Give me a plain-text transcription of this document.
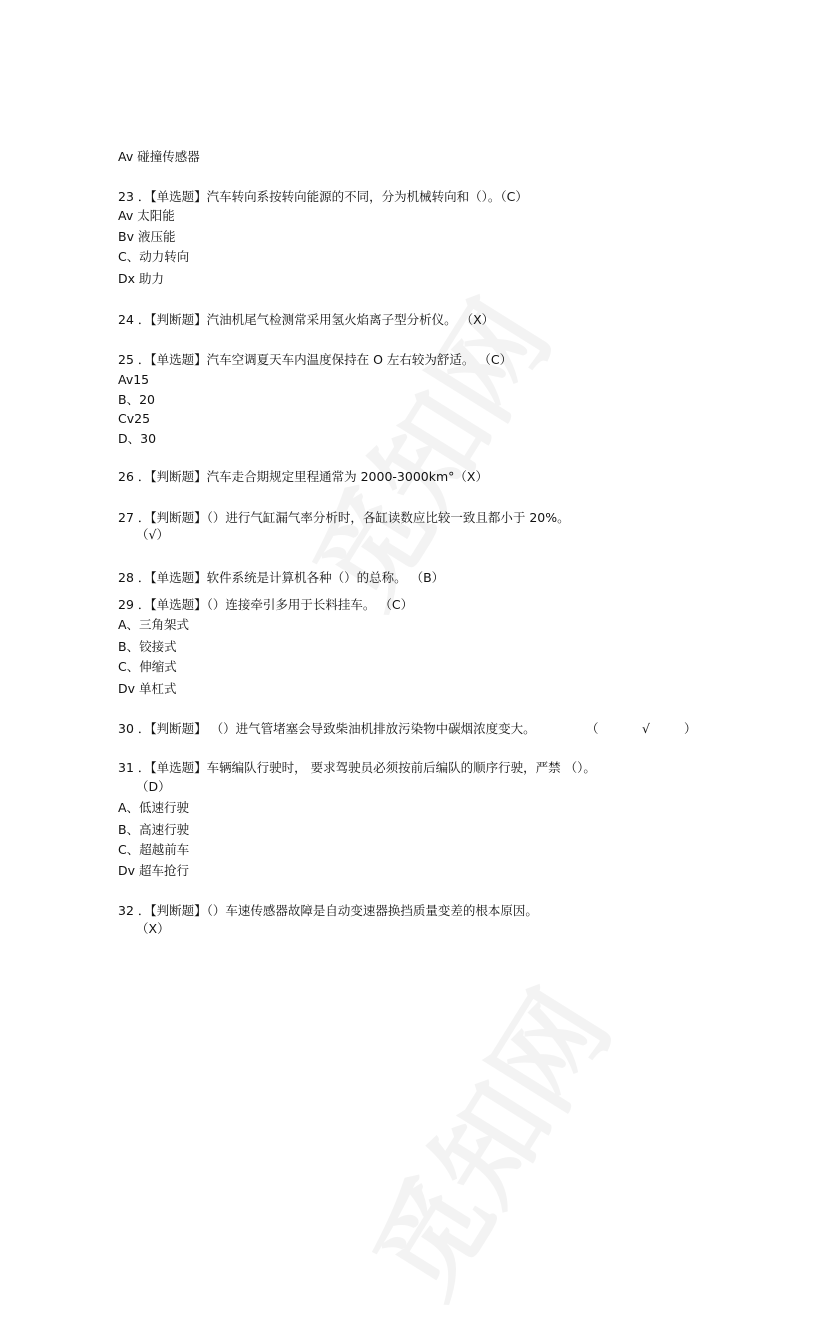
Av 碰撞传感器
23 ．【单选题】汽车转向系按转向能源的不同，分为机械转向和（）。（C）
Av 太阳能
Bv 液压能
C、动力转向
Dx 助力
24 ．【判断题】汽油机尾气检测常采用氢火焰离子型分析仪。 （X）
25 ．【单选题】汽车空调夏天车内温度保持在 O 左右较为舒适。 （C）
Av15
B、20
Cv25
D、30
26 ．【判断题】汽车走合期规定里程通常为 2000-3000km°（X）
27 ．【判断题】（）进行气缸漏气率分析时，各缸读数应比较一致且都小于 20%。
（√）
28 ．【单选题】软件系统是计算机各种（）的总称。 （B）
29 ．【单选题】（）连接牵引多用于长料挂车。 （C）
A、三角架式
B、铰接式
C、伸缩式
Dv 单杠式
30 ．【判断题】 （）进气管堵塞会导致柴油机排放污染物中碳烟浓度变大。	（	√	）
31 ．【单选题】车辆编队行驶时， 要求驾驶员必须按前后编队的顺序行驶，严禁 （）。
（D）
A、低速行驶
B、高速行驶
C、超越前车
Dv 超车抢行
32 ．【判断题】（）车速传感器故障是自动变速器换挡质量变差的根本原因。
（X）
